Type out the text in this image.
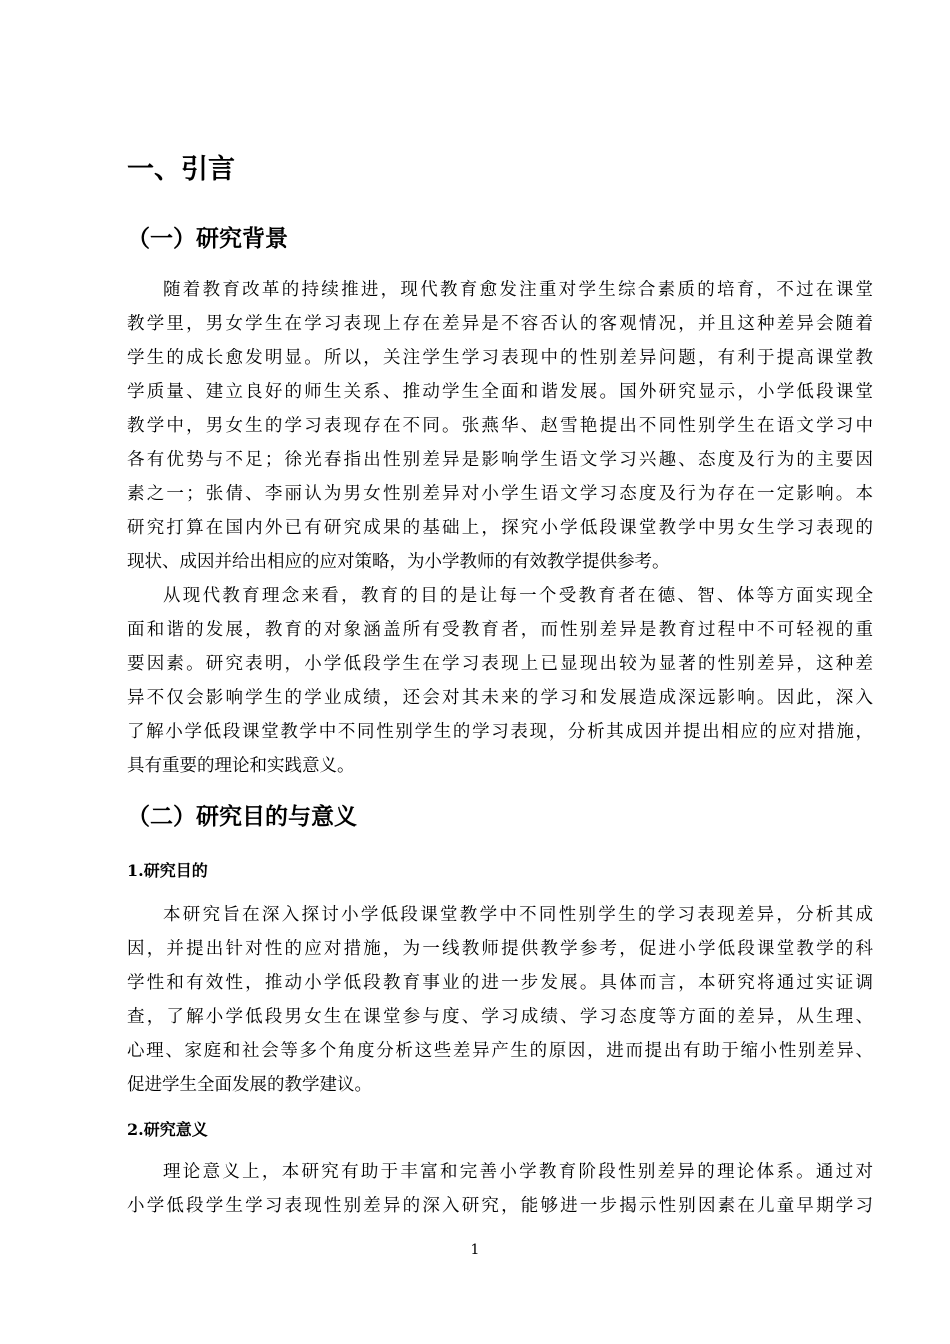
一、引言
（一）研究背景
随着教育改革的持续推进，现代教育愈发注重对学生综合素质的培育，不过在课堂
教学里，男女学生在学习表现上存在差异是不容否认的客观情况，并且这种差异会随着
学生的成长愈发明显。所以，关注学生学习表现中的性别差异问题，有利于提高课堂教
学质量、建立良好的师生关系、推动学生全面和谐发展。国外研究显示，小学低段课堂
教学中，男女生的学习表现存在不同。张燕华、赵雪艳提出不同性别学生在语文学习中
各有优势与不足；徐光春指出性别差异是影响学生语文学习兴趣、态度及行为的主要因
素之一；张倩、李丽认为男女性别差异对小学生语文学习态度及行为存在一定影响。本
研究打算在国内外已有研究成果的基础上，探究小学低段课堂教学中男女生学习表现的
现状、成因并给出相应的应对策略，为小学教师的有效教学提供参考。
从现代教育理念来看，教育的目的是让每一个受教育者在德、智、体等方面实现全
面和谐的发展，教育的对象涵盖所有受教育者，而性别差异是教育过程中不可轻视的重
要因素。研究表明，小学低段学生在学习表现上已显现出较为显著的性别差异，这种差
异不仅会影响学生的学业成绩，还会对其未来的学习和发展造成深远影响。因此，深入
了解小学低段课堂教学中不同性别学生的学习表现，分析其成因并提出相应的应对措施，
具有重要的理论和实践意义。
（二）研究目的与意义
1.研究目的
本研究旨在深入探讨小学低段课堂教学中不同性别学生的学习表现差异，分析其成
因，并提出针对性的应对措施，为一线教师提供教学参考，促进小学低段课堂教学的科
学性和有效性，推动小学低段教育事业的进一步发展。具体而言，本研究将通过实证调
查，了解小学低段男女生在课堂参与度、学习成绩、学习态度等方面的差异，从生理、
心理、家庭和社会等多个角度分析这些差异产生的原因，进而提出有助于缩小性别差异、
促进学生全面发展的教学建议。
2.研究意义
理论意义上，本研究有助于丰富和完善小学教育阶段性别差异的理论体系。通过对
小学低段学生学习表现性别差异的深入研究，能够进一步揭示性别因素在儿童早期学习
1
